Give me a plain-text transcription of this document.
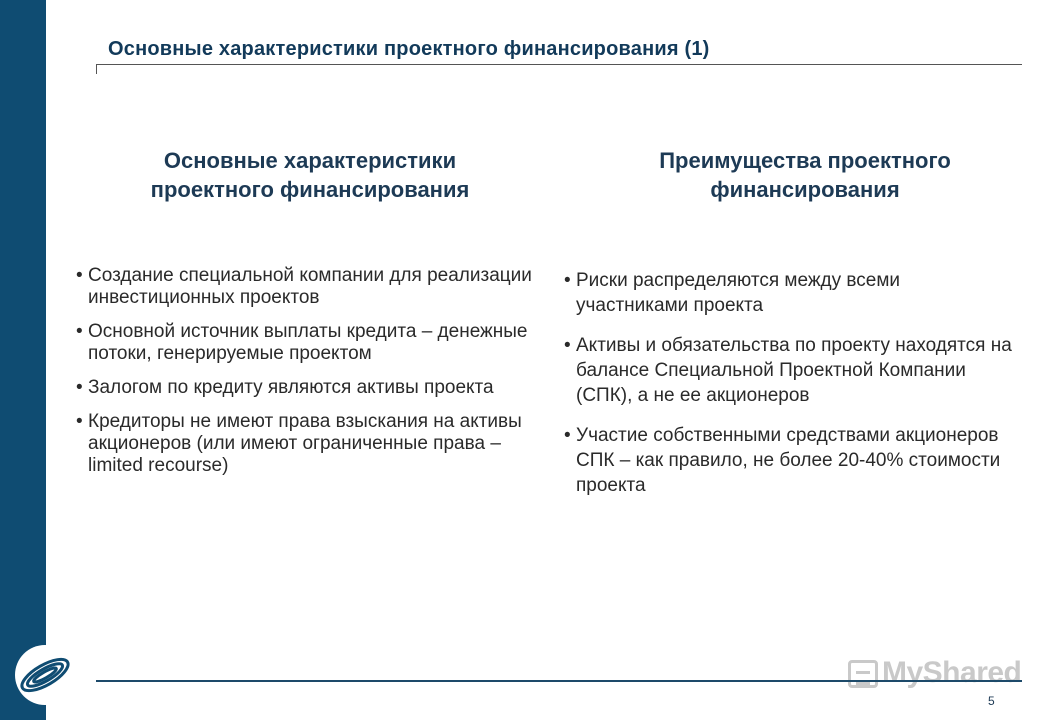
Основные характеристики проектного финансирования (1)
Основные характеристики
проектного финансирования
Преимущества проектного
финансирования
• Создание специальной компании для реализации инвестиционных проектов
• Основной источник выплаты кредита – денежные потоки, генерируемые проектом
• Залогом по кредиту являются активы проекта
• Кредиторы не имеют права взыскания на активы акционеров (или имеют ограниченные права – limited recourse)
• Риски распределяются между всеми участниками проекта
• Активы и обязательства по проекту находятся на балансе Специальной Проектной Компании (СПК), а не ее акционеров
• Участие собственными средствами акционеров СПК – как правило, не более 20-40% стоимости проекта
MyShared
5
